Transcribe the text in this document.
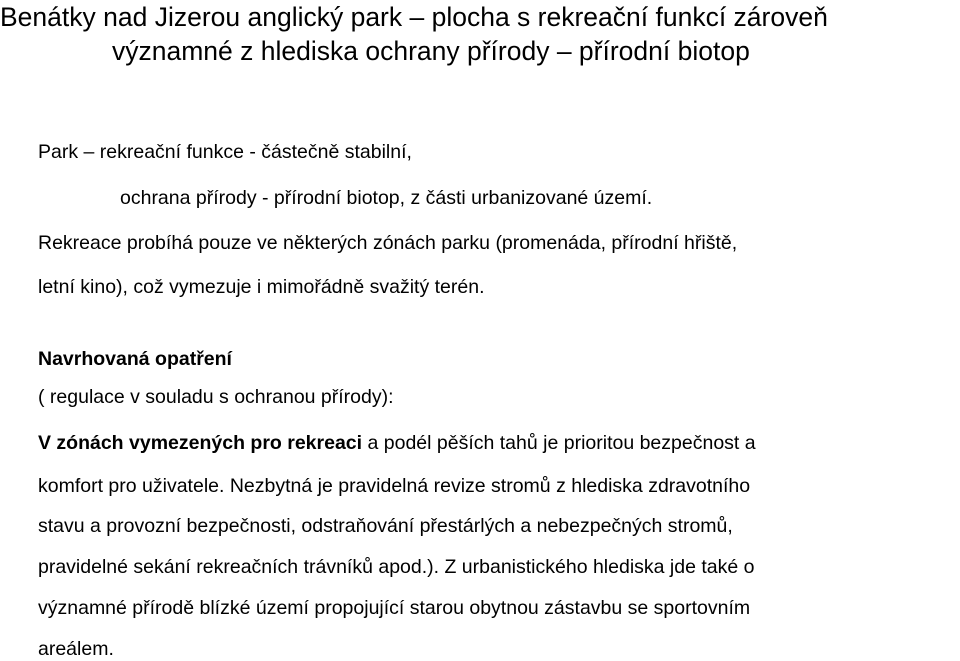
Benátky nad Jizerou anglický park – plocha s rekreační funkcí zároveň
významné z hlediska ochrany přírody – přírodní biotop
Park – rekreační funkce - částečně stabilní,
ochrana přírody - přírodní biotop, z části urbanizované území.
Rekreace probíhá pouze ve některých zónách parku (promenáda, přírodní hřiště,
letní kino), což vymezuje i mimořádně svažitý terén.
Navrhovaná opatření
( regulace v souladu s ochranou přírody):
V zónách vymezených pro rekreaci a podél pěších tahů je prioritou bezpečnost a
komfort pro uživatele. Nezbytná je pravidelná revize stromů z hlediska zdravotního
stavu a provozní bezpečnosti, odstraňování přestárlých a nebezpečných stromů,
pravidelné sekání rekreačních trávníků apod.). Z urbanistického hlediska jde také o
významné přírodě blízké území propojující starou obytnou zástavbu se sportovním
areálem.
